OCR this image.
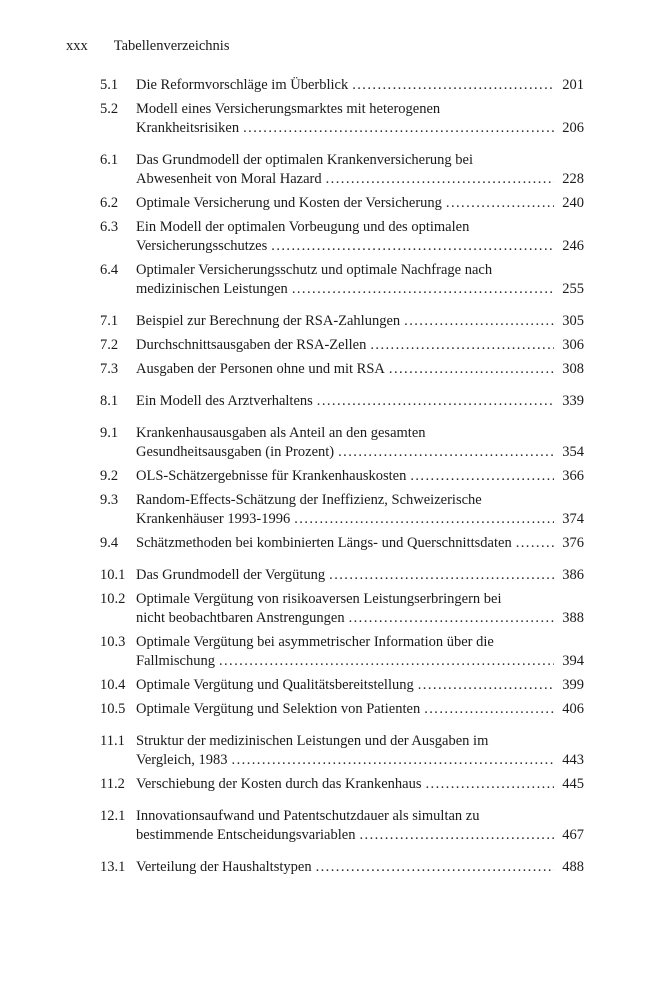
xxx Tabellenverzeichnis
5.1	Die Reformvorschläge im Überblick . . .	201
5.2	Modell eines Versicherungsmarktes mit heterogenen
Krankheitsrisiken . . .	206
6.1	Das Grundmodell der optimalen Krankenversicherung bei
Abwesenheit von Moral Hazard . . .	228
6.2	Optimale Versicherung und Kosten der Versicherung . . .	240
6.3	Ein Modell der optimalen Vorbeugung und des optimalen
Versicherungsschutzes . . .	246
6.4	Optimaler Versicherungsschutz und optimale Nachfrage nach
medizinischen Leistungen . . .	255
7.1	Beispiel zur Berechnung der RSA-Zahlungen . . .	305
7.2	Durchschnittsausgaben der RSA-Zellen . . .	306
7.3	Ausgaben der Personen ohne und mit RSA . . .	308
8.1	Ein Modell des Arztverhaltens . . .	339
9.1	Krankenhausausgaben als Anteil an den gesamten
Gesundheitsausgaben (in Prozent) . . .	354
9.2	OLS-Schätzergebnisse für Krankenhauskosten . . .	366
9.3	Random-Effects-Schätzung der Ineffizienz, Schweizerische
Krankenhäuser 1993-1996 . . .	374
9.4	Schätzmethoden bei kombinierten Längs- und Querschnittsdaten . . .	376
10.1 Das Grundmodell der Vergütung . . .	386
10.2 Optimale Vergütung von risikoaversen Leistungserbringern bei
nicht beobachtbaren Anstrengungen . . .	388
10.3 Optimale Vergütung bei asymmetrischer Information über die
Fallmischung . . .	394
10.4 Optimale Vergütung und Qualitätsbereitstellung . . .	399
10.5 Optimale Vergütung und Selektion von Patienten . . .	406
11.1 Struktur der medizinischen Leistungen und der Ausgaben im
Vergleich, 1983 . . .	443
11.2 Verschiebung der Kosten durch das Krankenhaus . . .	445
12.1 Innovationsaufwand und Patentschutzdauer als simultan zu
bestimmende Entscheidungsvariablen . . .	467
13.1 Verteilung der Haushaltstypen . . .	488
